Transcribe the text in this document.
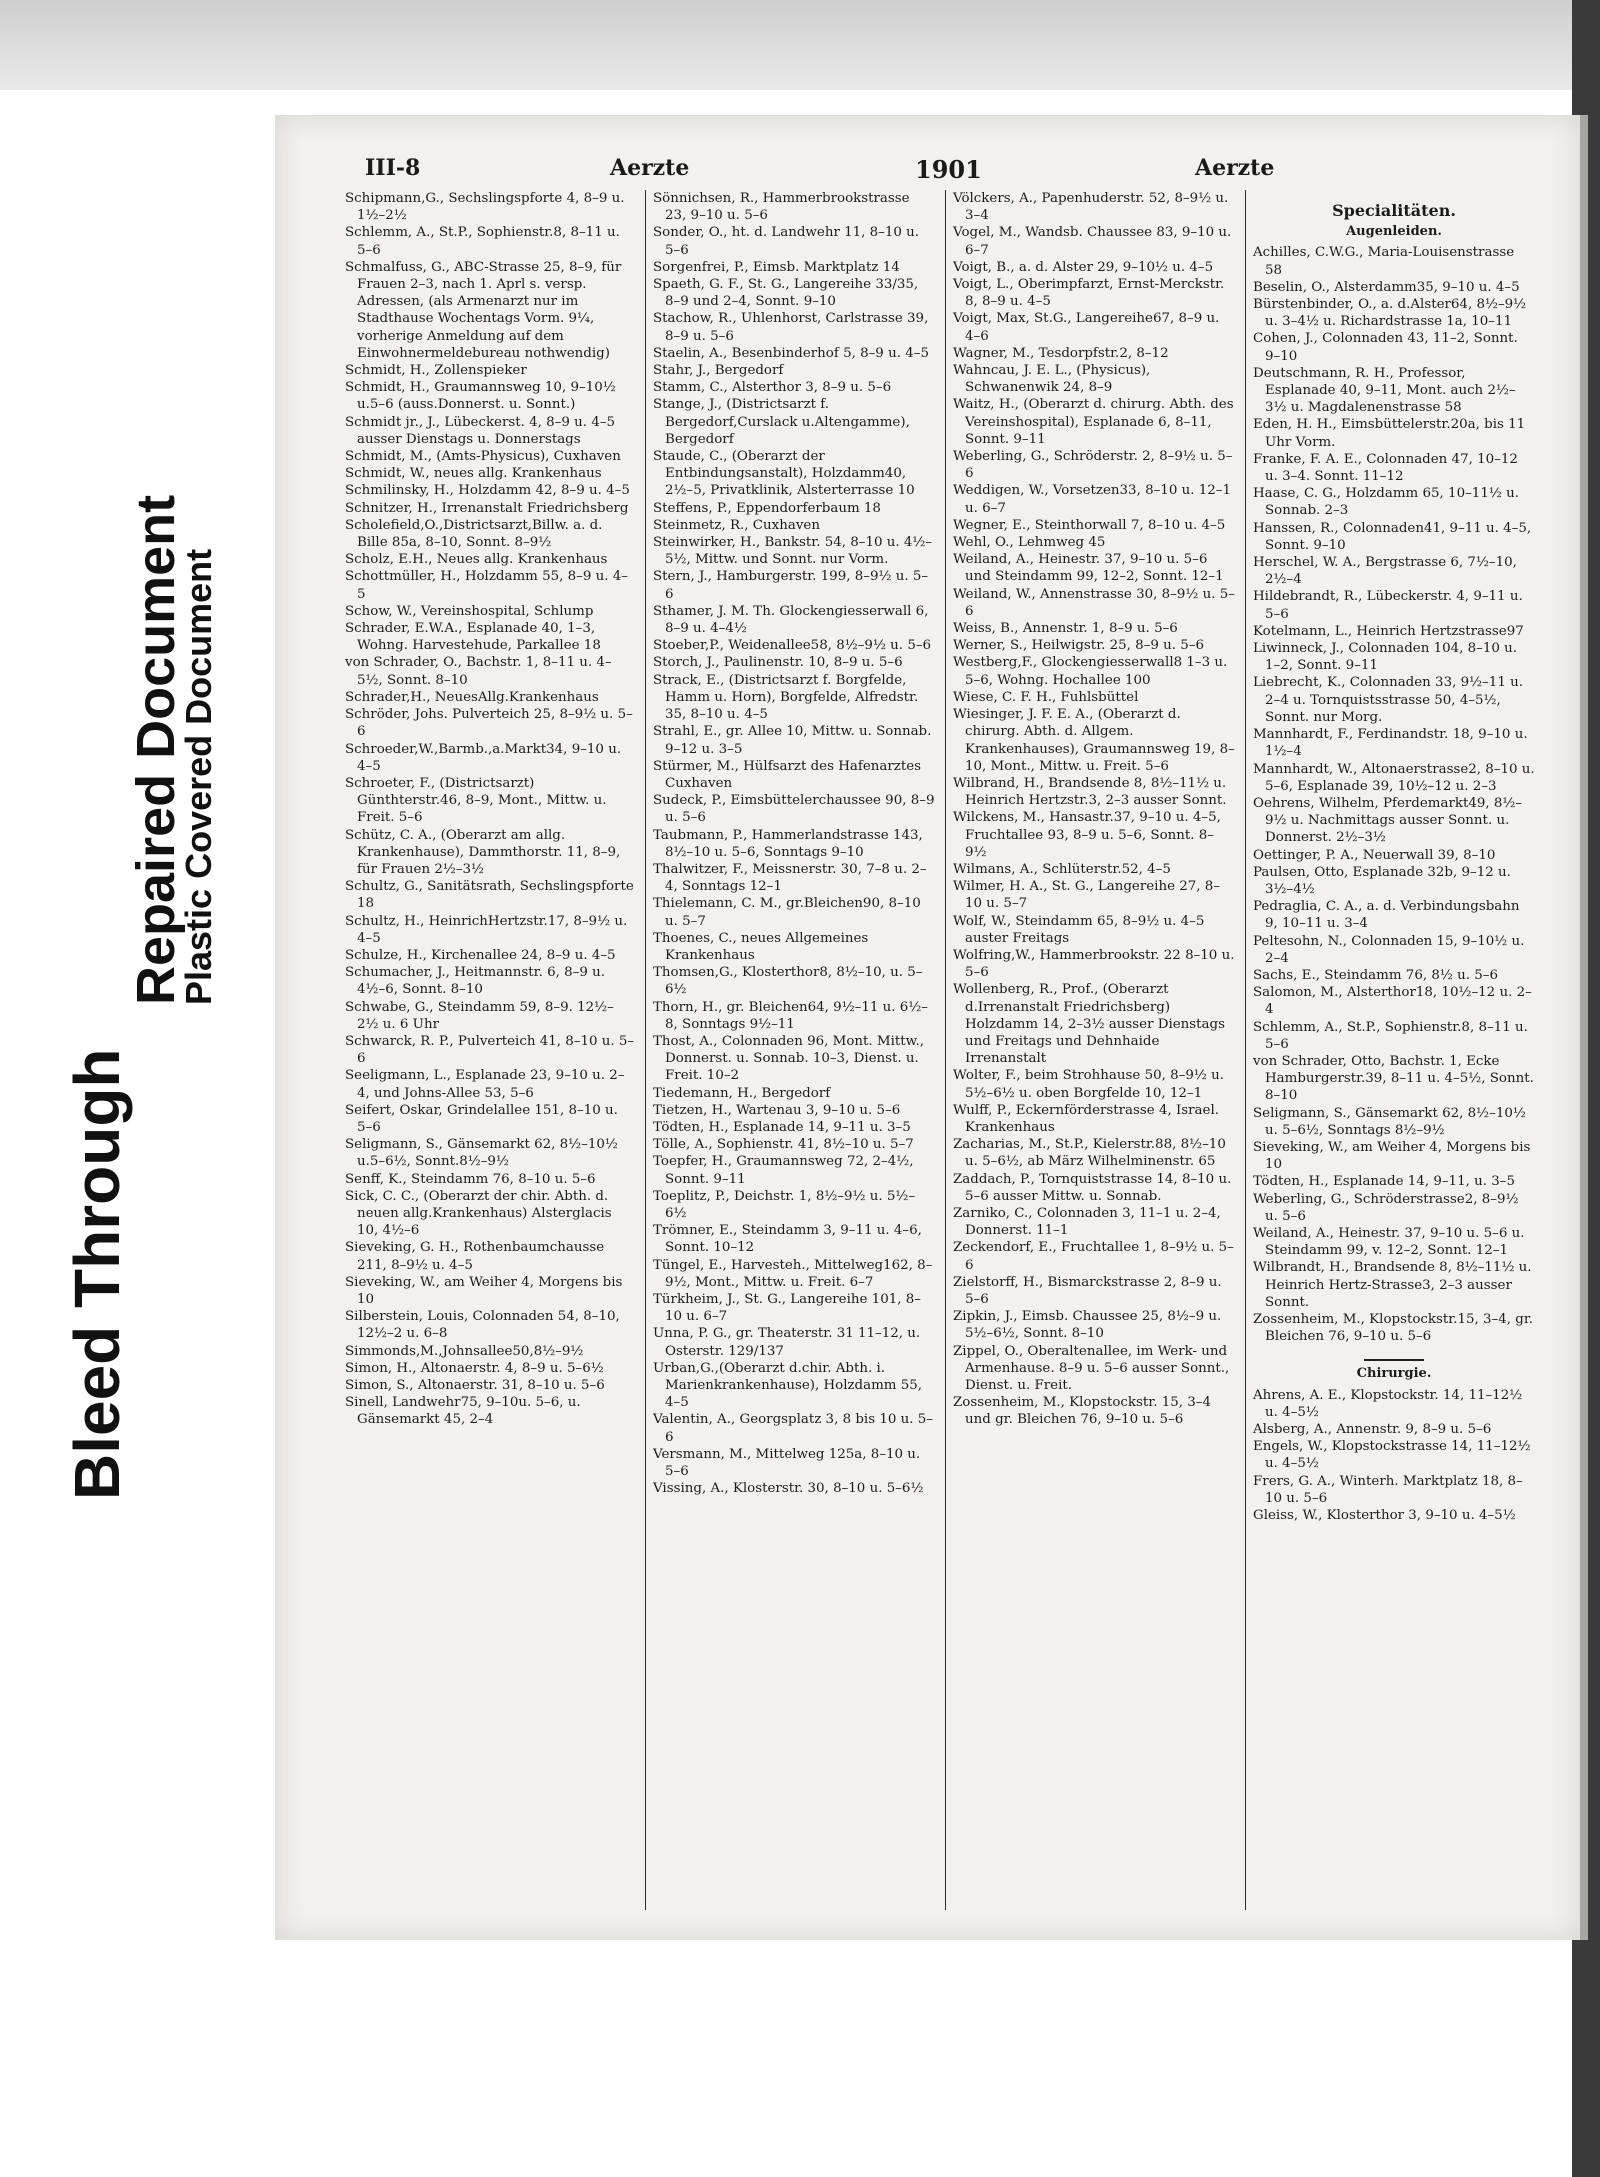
Bleed Through
Repaired Document
Plastic Covered Document
III-8	Aerzte	1901	Aerzte

Schipmann,G., Sechslingspforte 4, 8–9 u. 1½–2½

Schlemm, A., St.P., Sophienstr.8, 8–11 u. 5–6

Schmalfuss, G., ABC-Strasse 25, 8–9, für Frauen 2–3, nach 1. Aprl s. versp. Adressen, (als Armenarzt nur im Stadthause Wochentags Vorm. 9¼, vorherige Anmeldung auf dem Einwohnermeldebureau nothwendig)

Schmidt, H., Zollenspieker

Schmidt, H., Graumannsweg 10, 9–10½ u.5–6 (auss.Donnerst. u. Sonnt.)

Schmidt jr., J., Lübeckerst. 4, 8–9 u. 4–5 ausser Dienstags u. Donnerstags

Schmidt, M., (Amts-Physicus), Cuxhaven

Schmidt, W., neues allg. Krankenhaus

Schmilinsky, H., Holzdamm 42, 8–9 u. 4–5

Schnitzer, H., Irrenanstalt Friedrichsberg

Scholefield,O.,Districtsarzt,Billw. a. d. Bille 85a, 8–10, Sonnt. 8–9½

Scholz, E.H., Neues allg. Krankenhaus

Schottmüller, H., Holzdamm 55, 8–9 u. 4–5

Schow, W., Vereinshospital, Schlump

Schrader, E.W.A., Esplanade 40, 1–3, Wohng. Harvestehude, Parkallee 18

von Schrader, O., Bachstr. 1, 8–11 u. 4–5½, Sonnt. 8–10

Schrader,H., NeuesAllg.Krankenhaus

Schröder, Johs. Pulverteich 25, 8–9½ u. 5–6

Schroeder,W.,Barmb.,a.Markt34, 9–10 u. 4–5

Schroeter, F., (Districtsarzt) Günthterstr.46, 8–9, Mont., Mittw. u. Freit. 5–6

Schütz, C. A., (Oberarzt am allg. Krankenhause), Dammthorstr. 11, 8–9, für Frauen 2½–3½

Schultz, G., Sanitätsrath, Sechslingspforte 18

Schultz, H., HeinrichHertzstr.17, 8–9½ u. 4–5

Schulze, H., Kirchenallee 24, 8–9 u. 4–5

Schumacher, J., Heitmannstr. 6, 8–9 u. 4½–6, Sonnt. 8–10

Schwabe, G., Steindamm 59, 8–9. 12½–2½ u. 6 Uhr

Schwarck, R. P., Pulverteich 41, 8–10 u. 5–6

Seeligmann, L., Esplanade 23, 9–10 u. 2–4, und Johns-Allee 53, 5–6

Seifert, Oskar, Grindelallee 151, 8–10 u. 5–6

Seligmann, S., Gänsemarkt 62, 8½–10½ u.5–6½, Sonnt.8½–9½

Senff, K., Steindamm 76, 8–10 u. 5–6

Sick, C. C., (Oberarzt der chir. Abth. d. neuen allg.Krankenhaus) Alsterglacis 10, 4½–6

Sieveking, G. H., Rothenbaumchausse 211, 8–9½ u. 4–5

Sieveking, W., am Weiher 4, Morgens bis 10

Silberstein, Louis, Colonnaden 54, 8–10, 12½–2 u. 6–8

Simmonds,M.,Johnsallee50,8½–9½

Simon, H., Altonaerstr. 4, 8–9 u. 5–6½

Simon, S., Altonaerstr. 31, 8–10 u. 5–6

Sinell, Landwehr75, 9–10u. 5–6, u. Gänsemarkt 45, 2–4

Sönnichsen, R., Hammerbrookstrasse 23, 9–10 u. 5–6

Sonder, O., ht. d. Landwehr 11, 8–10 u. 5–6

Sorgenfrei, P., Eimsb. Marktplatz 14

Spaeth, G. F., St. G., Langereihe 33/35, 8–9 und 2–4, Sonnt. 9–10

Stachow, R., Uhlenhorst, Carlstrasse 39, 8–9 u. 5–6

Staelin, A., Besenbinderhof 5, 8–9 u. 4–5

Stahr, J., Bergedorf

Stamm, C., Alsterthor 3, 8–9 u. 5–6

Stange, J., (Districtsarzt f. Bergedorf,Curslack u.Altengamme), Bergedorf

Staude, C., (Oberarzt der Entbindungsanstalt), Holzdamm40, 2½–5, Privatklinik, Alsterterrasse 10

Steffens, P., Eppendorferbaum 18

Steinmetz, R., Cuxhaven

Steinwirker, H., Bankstr. 54, 8–10 u. 4½–5½, Mittw. und Sonnt. nur Vorm.

Stern, J., Hamburgerstr. 199, 8–9½ u. 5–6

Sthamer, J. M. Th. Glockengiesserwall 6, 8–9 u. 4–4½

Stoeber,P., Weidenallee58, 8½–9½ u. 5–6

Storch, J., Paulinenstr. 10, 8–9 u. 5–6

Strack, E., (Districtsarzt f. Borgfelde, Hamm u. Horn), Borgfelde, Alfredstr. 35, 8–10 u. 4–5

Strahl, E., gr. Allee 10, Mittw. u. Sonnab. 9–12 u. 3–5

Stürmer, M., Hülfsarzt des Hafenarztes Cuxhaven

Sudeck, P., Eimsbüttelerchaussee 90, 8–9 u. 5–6

Taubmann, P., Hammerlandstrasse 143, 8½–10 u. 5–6, Sonntags 9–10

Thalwitzer, F., Meissnerstr. 30, 7–8 u. 2–4, Sonntags 12–1

Thielemann, C. M., gr.Bleichen90, 8–10 u. 5–7

Thoenes, C., neues Allgemeines Krankenhaus

Thomsen,G., Klosterthor8, 8½–10, u. 5–6½

Thorn, H., gr. Bleichen64, 9½–11 u. 6½–8, Sonntags 9½–11

Thost, A., Colonnaden 96, Mont. Mittw., Donnerst. u. Sonnab. 10–3, Dienst. u. Freit. 10–2

Tiedemann, H., Bergedorf

Tietzen, H., Wartenau 3, 9–10 u. 5–6

Tödten, H., Esplanade 14, 9–11 u. 3–5

Tölle, A., Sophienstr. 41, 8½–10 u. 5–7

Toepfer, H., Graumannsweg 72, 2–4½, Sonnt. 9–11

Toeplitz, P., Deichstr. 1, 8½–9½ u. 5½–6½

Trömner, E., Steindamm 3, 9–11 u. 4–6, Sonnt. 10–12

Tüngel, E., Harvesteh., Mittelweg162, 8–9½, Mont., Mittw. u. Freit. 6–7

Türkheim, J., St. G., Langereihe 101, 8–10 u. 6–7

Unna, P. G., gr. Theaterstr. 31 11–12, u. Osterstr. 129/137

Urban,G.,(Oberarzt d.chir. Abth. i. Marienkrankenhause), Holzdamm 55, 4–5

Valentin, A., Georgsplatz 3, 8 bis 10 u. 5–6

Versmann, M., Mittelweg 125a, 8–10 u. 5–6

Vissing, A., Klosterstr. 30, 8–10 u. 5–6½

Völckers, A., Papenhuderstr. 52, 8–9½ u. 3–4

Vogel, M., Wandsb. Chaussee 83, 9–10 u. 6–7

Voigt, B., a. d. Alster 29, 9–10½ u. 4–5

Voigt, L., Oberimpfarzt, Ernst-Merckstr. 8, 8–9 u. 4–5

Voigt, Max, St.G., Langereihe67, 8–9 u. 4–6

Wagner, M., Tesdorpfstr.2, 8–12

Wahncau, J. E. L., (Physicus), Schwanenwik 24, 8–9

Waitz, H., (Oberarzt d. chirurg. Abth. des Vereinshospital), Esplanade 6, 8–11, Sonnt. 9–11

Weberling, G., Schröderstr. 2, 8–9½ u. 5–6

Weddigen, W., Vorsetzen33, 8–10 u. 12–1 u. 6–7

Wegner, E., Steinthorwall 7, 8–10 u. 4–5

Wehl, O., Lehmweg 45

Weiland, A., Heinestr. 37, 9–10 u. 5–6 und Steindamm 99, 12–2, Sonnt. 12–1

Weiland, W., Annenstrasse 30, 8–9½ u. 5–6

Weiss, B., Annenstr. 1, 8–9 u. 5–6

Werner, S., Heilwigstr. 25, 8–9 u. 5–6

Westberg,F., Glockengiesserwall8 1–3 u. 5–6, Wohng. Hochallee 100

Wiese, C. F. H., Fuhlsbüttel

Wiesinger, J. F. E. A., (Oberarzt d. chirurg. Abth. d. Allgem. Krankenhauses), Graumannsweg 19, 8–10, Mont., Mittw. u. Freit. 5–6

Wilbrand, H., Brandsende 8, 8½–11½ u. Heinrich Hertzstr.3, 2–3 ausser Sonnt.

Wilckens, M., Hansastr.37, 9–10 u. 4–5, Fruchtallee 93, 8–9 u. 5–6, Sonnt. 8–9½

Wilmans, A., Schlüterstr.52, 4–5

Wilmer, H. A., St. G., Langereihe 27, 8–10 u. 5–7

Wolf, W., Steindamm 65, 8–9½ u. 4–5 auster Freitags

Wolfring,W., Hammerbrookstr. 22 8–10 u. 5–6

Wollenberg, R., Prof., (Oberarzt d.Irrenanstalt Friedrichsberg) Holzdamm 14, 2–3½ ausser Dienstags und Freitags und Dehnhaide Irrenanstalt

Wolter, F., beim Strohhause 50, 8–9½ u. 5½–6½ u. oben Borgfelde 10, 12–1

Wulff, P., Eckernförderstrasse 4, Israel. Krankenhaus

Zacharias, M., St.P., Kielerstr.88, 8½–10 u. 5–6½, ab März Wilhelminenstr. 65

Zaddach, P., Tornquiststrasse 14, 8–10 u. 5–6 ausser Mittw. u. Sonnab.

Zarniko, C., Colonnaden 3, 11–1 u. 2–4, Donnerst. 11–1

Zeckendorf, E., Fruchtallee 1, 8–9½ u. 5–6

Zielstorff, H., Bismarckstrasse 2, 8–9 u. 5–6

Zipkin, J., Eimsb. Chaussee 25, 8½–9 u. 5½–6½, Sonnt. 8–10

Zippel, O., Oberaltenallee, im Werk- und Armenhause. 8–9 u. 5–6 ausser Sonnt., Dienst. u. Freit.

Zossenheim, M., Klopstockstr. 15, 3–4 und gr. Bleichen 76, 9–10 u. 5–6

Specialitäten.
Augenleiden.

Achilles, C.W.G., Maria-Louisenstrasse 58

Beselin, O., Alsterdamm35, 9–10 u. 4–5

Bürstenbinder, O., a. d.Alster64, 8½–9½ u. 3–4½ u. Richardstrasse 1a, 10–11

Cohen, J., Colonnaden 43, 11–2, Sonnt. 9–10

Deutschmann, R. H., Professor, Esplanade 40, 9–11, Mont. auch 2½–3½ u. Magdalenenstrasse 58

Eden, H. H., Eimsbüttelerstr.20a, bis 11 Uhr Vorm.

Franke, F. A. E., Colonnaden 47, 10–12 u. 3–4. Sonnt. 11–12

Haase, C. G., Holzdamm 65, 10–11½ u. Sonnab. 2–3

Hanssen, R., Colonnaden41, 9–11 u. 4–5, Sonnt. 9–10

Herschel, W. A., Bergstrasse 6, 7½–10, 2½–4

Hildebrandt, R., Lübeckerstr. 4, 9–11 u. 5–6

Kotelmann, L., Heinrich Hertzstrasse97

Liwinneck, J., Colonnaden 104, 8–10 u. 1–2, Sonnt. 9–11

Liebrecht, K., Colonnaden 33, 9½–11 u. 2–4 u. Tornquistsstrasse 50, 4–5½, Sonnt. nur Morg.

Mannhardt, F., Ferdinandstr. 18, 9–10 u. 1½–4

Mannhardt, W., Altonaerstrasse2, 8–10 u. 5–6, Esplanade 39, 10½–12 u. 2–3

Oehrens, Wilhelm, Pferdemarkt49, 8½–9½ u. Nachmittags ausser Sonnt. u. Donnerst. 2½–3½

Oettinger, P. A., Neuerwall 39, 8–10

Paulsen, Otto, Esplanade 32b, 9–12 u. 3½–4½

Pedraglia, C. A., a. d. Verbindungsbahn 9, 10–11 u. 3–4

Peltesohn, N., Colonnaden 15, 9–10½ u. 2–4

Sachs, E., Steindamm 76, 8½ u. 5–6

Salomon, M., Alsterthor18, 10½–12 u. 2–4

Schlemm, A., St.P., Sophienstr.8, 8–11 u. 5–6

von Schrader, Otto, Bachstr. 1, Ecke Hamburgerstr.39, 8–11 u. 4–5½, Sonnt. 8–10

Seligmann, S., Gänsemarkt 62, 8½–10½ u. 5–6½, Sonntags 8½–9½

Sieveking, W., am Weiher 4, Morgens bis 10

Tödten, H., Esplanade 14, 9–11, u. 3–5

Weberling, G., Schröderstrasse2, 8–9½ u. 5–6

Weiland, A., Heinestr. 37, 9–10 u. 5–6 u. Steindamm 99, v. 12–2, Sonnt. 12–1

Wilbrandt, H., Brandsende 8, 8½–11½ u. Heinrich Hertz-Strasse3, 2–3 ausser Sonnt.

Zossenheim, M., Klopstockstr.15, 3–4, gr. Bleichen 76, 9–10 u. 5–6

Chirurgie.

Ahrens, A. E., Klopstockstr. 14, 11–12½ u. 4–5½

Alsberg, A., Annenstr. 9, 8–9 u. 5–6

Engels, W., Klopstockstrasse 14, 11–12½ u. 4–5½

Frers, G. A., Winterh. Marktplatz 18, 8–10 u. 5–6

Gleiss, W., Klosterthor 3, 9–10 u. 4–5½
